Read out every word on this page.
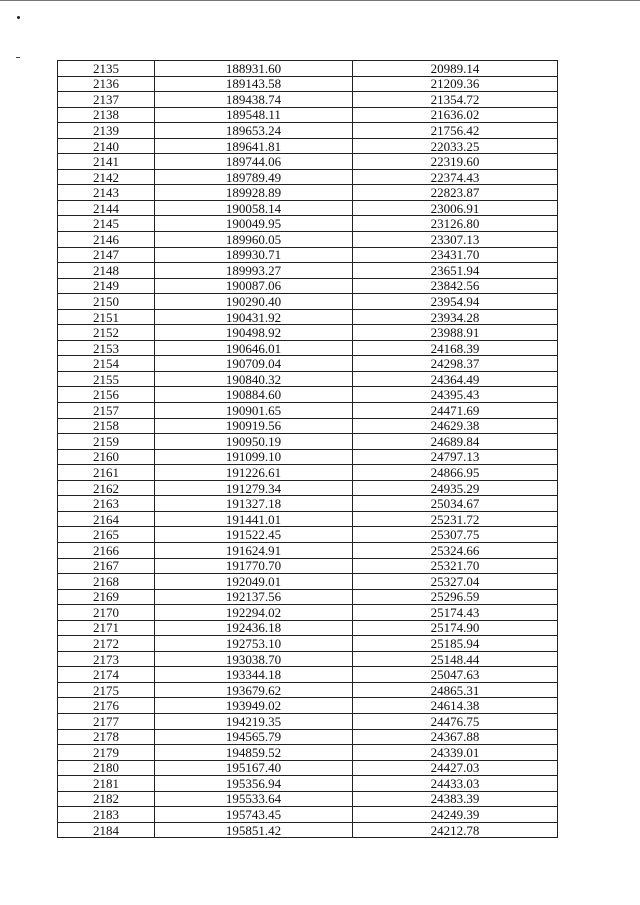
2135	188931.60	20989.14
2136	189143.58	21209.36
2137	189438.74	21354.72
2138	189548.11	21636.02
2139	189653.24	21756.42
2140	189641.81	22033.25
2141	189744.06	22319.60
2142	189789.49	22374.43
2143	189928.89	22823.87
2144	190058.14	23006.91
2145	190049.95	23126.80
2146	189960.05	23307.13
2147	189930.71	23431.70
2148	189993.27	23651.94
2149	190087.06	23842.56
2150	190290.40	23954.94
2151	190431.92	23934.28
2152	190498.92	23988.91
2153	190646.01	24168.39
2154	190709.04	24298.37
2155	190840.32	24364.49
2156	190884.60	24395.43
2157	190901.65	24471.69
2158	190919.56	24629.38
2159	190950.19	24689.84
2160	191099.10	24797.13
2161	191226.61	24866.95
2162	191279.34	24935.29
2163	191327.18	25034.67
2164	191441.01	25231.72
2165	191522.45	25307.75
2166	191624.91	25324.66
2167	191770.70	25321.70
2168	192049.01	25327.04
2169	192137.56	25296.59
2170	192294.02	25174.43
2171	192436.18	25174.90
2172	192753.10	25185.94
2173	193038.70	25148.44
2174	193344.18	25047.63
2175	193679.62	24865.31
2176	193949.02	24614.38
2177	194219.35	24476.75
2178	194565.79	24367.88
2179	194859.52	24339.01
2180	195167.40	24427.03
2181	195356.94	24433.03
2182	195533.64	24383.39
2183	195743.45	24249.39
2184	195851.42	24212.78
